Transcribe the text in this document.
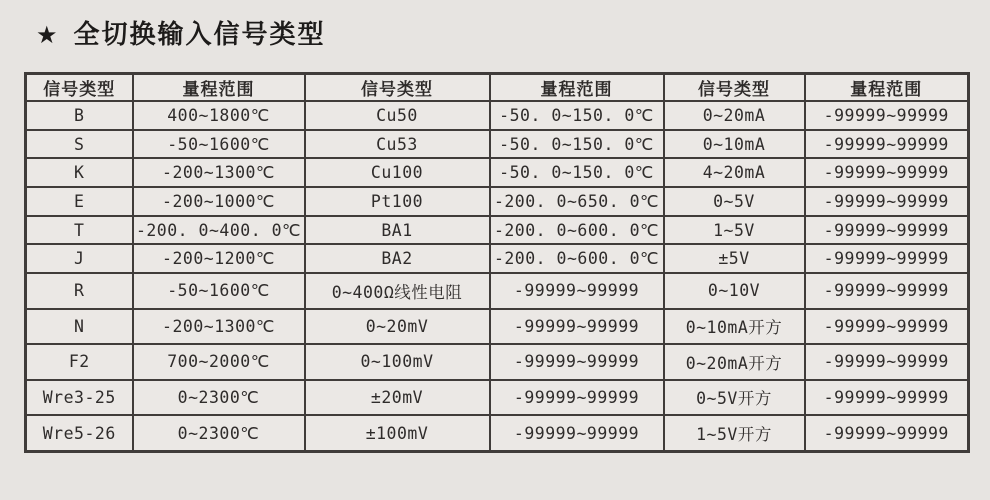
★ 全切换输入信号类型
信号类型	量程范围	信号类型	量程范围	信号类型	量程范围
B	400~1800℃	Cu50	-50. 0~150. 0℃	0~20mA	-99999~99999
S	-50~1600℃	Cu53	-50. 0~150. 0℃	0~10mA	-99999~99999
K	-200~1300℃	Cu100	-50. 0~150. 0℃	4~20mA	-99999~99999
E	-200~1000℃	Pt100	-200. 0~650. 0℃	0~5V	-99999~99999
T	-200. 0~400. 0℃	BA1	-200. 0~600. 0℃	1~5V	-99999~99999
J	-200~1200℃	BA2	-200. 0~600. 0℃	±5V	-99999~99999
R	-50~1600℃	0~400Ω线性电阻	-99999~99999	0~10V	-99999~99999
N	-200~1300℃	0~20mV	-99999~99999	0~10mA开方	-99999~99999
F2	700~2000℃	0~100mV	-99999~99999	0~20mA开方	-99999~99999
Wre3-25	0~2300℃	±20mV	-99999~99999	0~5V开方	-99999~99999
Wre5-26	0~2300℃	±100mV	-99999~99999	1~5V开方	-99999~99999
